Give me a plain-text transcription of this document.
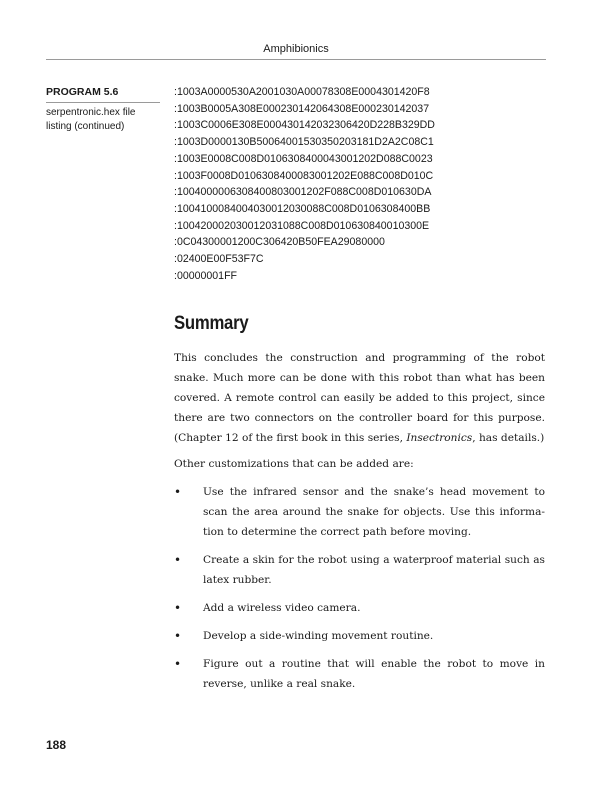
Amphibionics

PROGRAM 5.6

serpentronic.hex file listing (continued)

:1003A0000530A2001030A00078308E0004301420F8
:1003B0005A308E000230142064308E000230142037
:1003C0006E308E000430142032306420D228B329DD
:1003D0000130B50064001530350203181D2A2C08C1
:1003E0008C008D0106308400043001202D088C0023
:1003F0008D0106308400083001202E088C008D010C
:1004000006308400803001202F088C008D010630DA
:1004100084004030012030088C008D0106308400BB
:100420002030012031088C008D010630840010300E
:0C04300001200C306420B50FEA29080000
:02400E00F53F7C
:00000001FF
Summary

This concludes the construction and programming of the robot snake. Much more can be done with this robot than what has been covered. A remote control can easily be added to this project, since there are two connectors on the controller board for this purpose. (Chapter 12 of the first book in this series, Insectronics, has details.)

Other customizations that can be added are:

• Use the infrared sensor and the snake’s head movement to scan the area around the snake for objects. Use this informa-tion to determine the correct path before moving.
• Create a skin for the robot using a waterproof material such as latex rubber.
• Add a wireless video camera.
• Develop a side-winding movement routine.
• Figure out a routine that will enable the robot to move in reverse, unlike a real snake.
188
